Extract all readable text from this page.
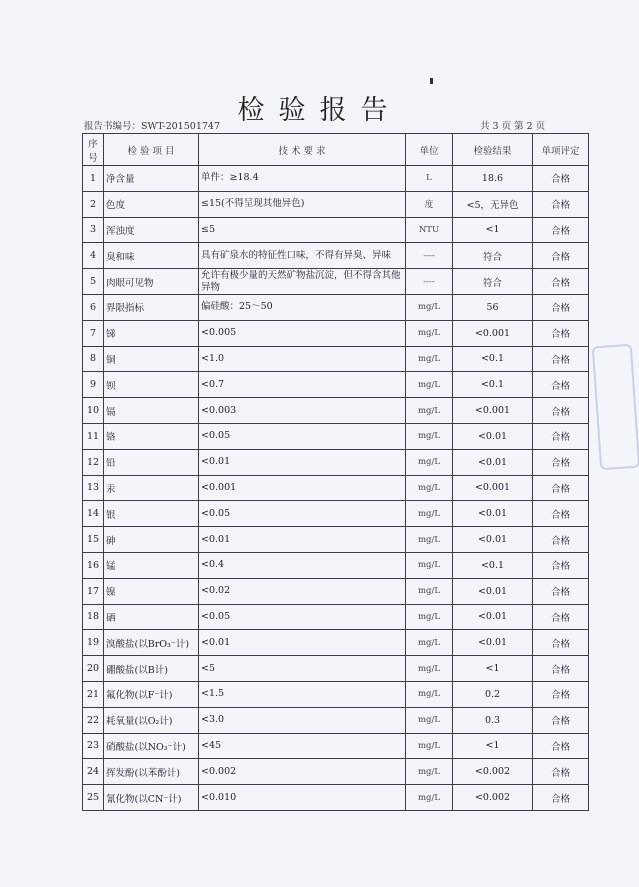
检验报告
报告书编号：SWT-201501747	共 3 页 第 2 页
序号	检 验 项 目	技 术 要 求	单位	检验结果	单项评定
1	净含量	单件：≥18.4	L	18.6	合格
2	色度	≤15(不得呈现其他异色)	度	<5，无异色	合格
3	浑浊度	≤5	NTU	<1	合格
4	臭和味	具有矿泉水的特征性口味，不得有异臭、异味	----	符合	合格
5	肉眼可见物	允许有极少量的天然矿物盐沉淀，但不得含其他异物	----	符合	合格
6	界限指标	偏硅酸：25～50	mg/L	56	合格
7	锑	<0.005	mg/L	<0.001	合格
8	铜	<1.0	mg/L	<0.1	合格
9	钡	<0.7	mg/L	<0.1	合格
10	镉	<0.003	mg/L	<0.001	合格
11	铬	<0.05	mg/L	<0.01	合格
12	铅	<0.01	mg/L	<0.01	合格
13	汞	<0.001	mg/L	<0.001	合格
14	银	<0.05	mg/L	<0.01	合格
15	砷	<0.01	mg/L	<0.01	合格
16	锰	<0.4	mg/L	<0.1	合格
17	镍	<0.02	mg/L	<0.01	合格
18	硒	<0.05	mg/L	<0.01	合格
19	溴酸盐(以BrO₃⁻计)	<0.01	mg/L	<0.01	合格
20	硼酸盐(以B计)	<5	mg/L	<1	合格
21	氟化物(以F⁻计)	<1.5	mg/L	0.2	合格
22	耗氧量(以O₂计)	<3.0	mg/L	0.3	合格
23	硝酸盐(以NO₃⁻计)	<45	mg/L	<1	合格
24	挥发酚(以苯酚计)	<0.002	mg/L	<0.002	合格
25	氰化物(以CN⁻计)	<0.010	mg/L	<0.002	合格
